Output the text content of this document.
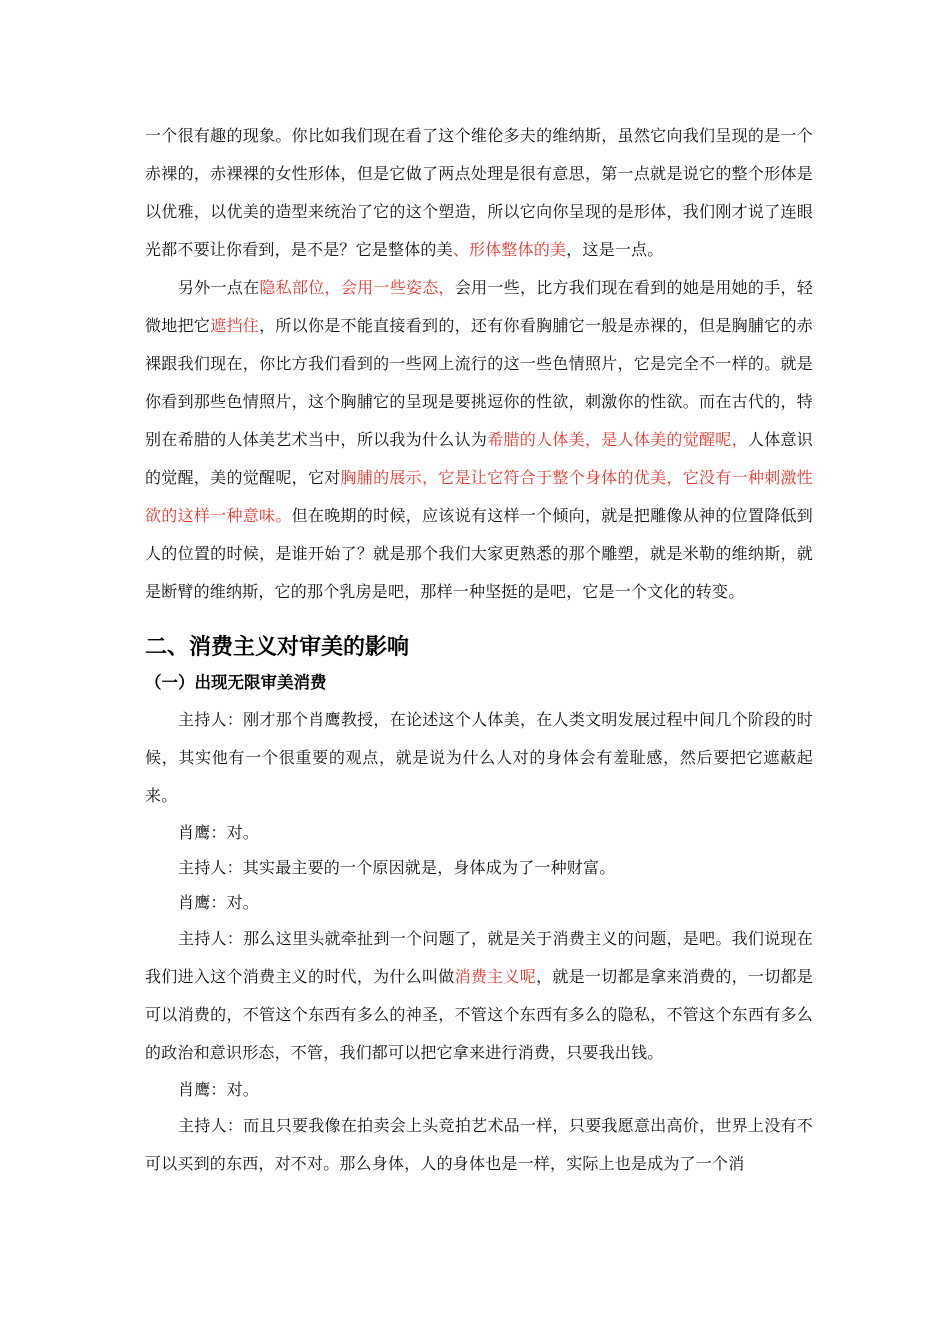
一个很有趣的现象。你比如我们现在看了这个维伦多夫的维纳斯，虽然它向我们呈现的是一个赤裸的，赤裸裸的女性形体，但是它做了两点处理是很有意思，第一点就是说它的整个形体是以优雅，以优美的造型来统治了它的这个塑造，所以它向你呈现的是形体，我们刚才说了连眼光都不要让你看到，是不是？它是整体的美、形体整体的美，这是一点。

另外一点在隐私部位，会用一些姿态，会用一些，比方我们现在看到的她是用她的手，轻微地把它遮挡住，所以你是不能直接看到的，还有你看胸脯它一般是赤裸的，但是胸脯它的赤裸跟我们现在，你比方我们看到的一些网上流行的这一些色情照片，它是完全不一样的。就是你看到那些色情照片，这个胸脯它的呈现是要挑逗你的性欲，刺激你的性欲。而在古代的，特别在希腊的人体美艺术当中，所以我为什么认为希腊的人体美，是人体美的觉醒呢，人体意识的觉醒，美的觉醒呢，它对胸脯的展示，它是让它符合于整个身体的优美，它没有一种刺激性欲的这样一种意味。但在晚期的时候，应该说有这样一个倾向，就是把雕像从神的位置降低到人的位置的时候，是谁开始了？就是那个我们大家更熟悉的那个雕塑，就是米勒的维纳斯，就是断臂的维纳斯，它的那个乳房是吧，那样一种坚挺的是吧，它是一个文化的转变。

二、消费主义对审美的影响
（一）出现无限审美消费

主持人：刚才那个肖鹰教授，在论述这个人体美，在人类文明发展过程中间几个阶段的时候，其实他有一个很重要的观点，就是说为什么人对的身体会有羞耻感，然后要把它遮蔽起来。

肖鹰：对。

主持人：其实最主要的一个原因就是，身体成为了一种财富。

肖鹰：对。

主持人：那么这里头就牵扯到一个问题了，就是关于消费主义的问题，是吧。我们说现在我们进入这个消费主义的时代，为什么叫做消费主义呢，就是一切都是拿来消费的，一切都是可以消费的，不管这个东西有多么的神圣，不管这个东西有多么的隐私，不管这个东西有多么的政治和意识形态，不管，我们都可以把它拿来进行消费，只要我出钱。

肖鹰：对。

主持人：而且只要我像在拍卖会上头竞拍艺术品一样，只要我愿意出高价，世界上没有不可以买到的东西，对不对。那么身体，人的身体也是一样，实际上也是成为了一个消
